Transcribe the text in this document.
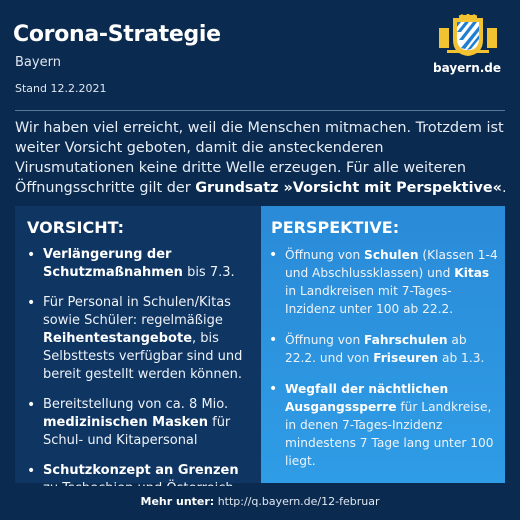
Corona-Strategie
Bayern
Stand 12.2.2021
bayern.de
Wir haben viel erreicht, weil die Menschen mitmachen. Trotzdem ist weiter Vorsicht geboten, damit die ansteckenderen Virusmutationen keine dritte Welle erzeugen. Für alle weiteren Öffnungsschritte gilt der Grundsatz »Vorsicht mit Perspektive«.
VORSICHT:
• Verlängerung der Schutzmaßnahmen bis 7.3.
• Für Personal in Schulen/Kitas sowie Schüler: regelmäßige Reihentestangebote, bis Selbsttests verfügbar sind und bereit gestellt werden können.
• Bereitstellung von ca. 8 Mio. medizinischen Masken für Schul- und Kitapersonal
• Schutzkonzept an Grenzen
PERSPEKTIVE:
• Öffnung von Schulen (Klassen 1-4 und Abschlussklassen) und Kitas in Landkreisen mit 7-Tages-Inzidenz unter 100 ab 22.2.
• Öffnung von Fahrschulen ab 22.2. und von Friseuren ab 1.3.
• Wegfall der nächtlichen Ausgangssperre für Landkreise, in denen 7-Tages-Inzidenz mindestens 7 Tage lang unter 100 liegt.
Mehr unter: http://q.bayern.de/12-februar
